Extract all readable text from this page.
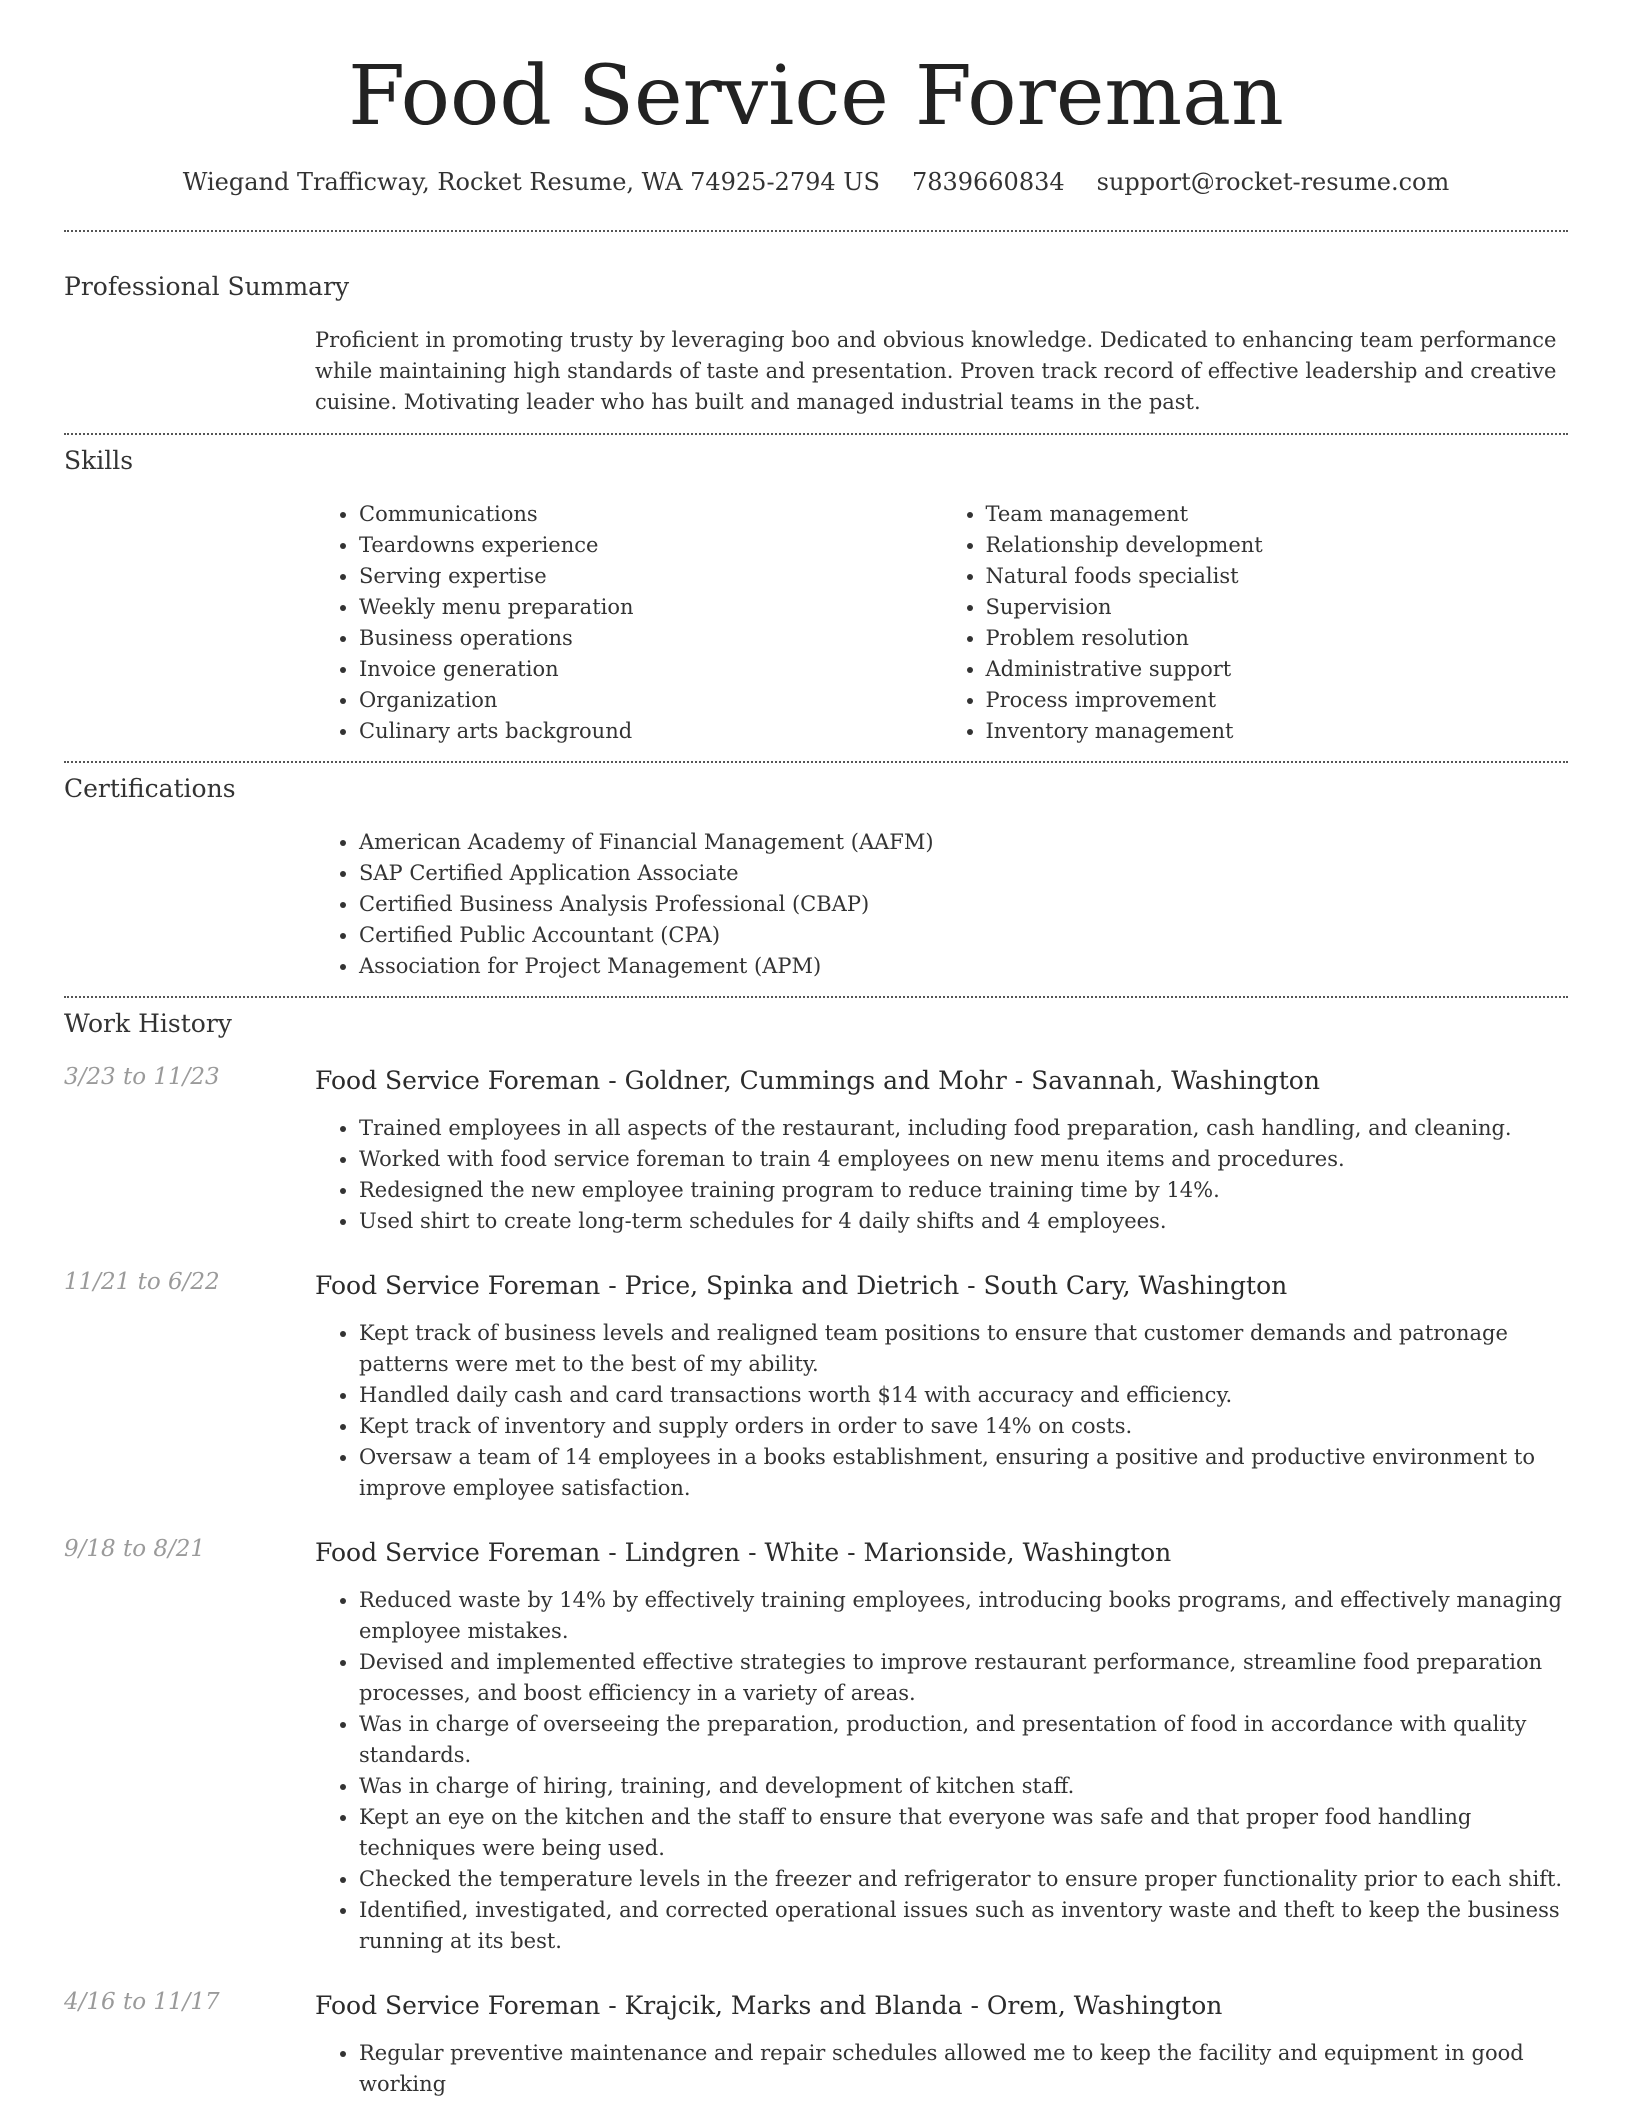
Food Service Foreman
Wiegand Trafficway, Rocket Resume, WA 74925-2794 US 7839660834 support@rocket-resume.com
Professional Summary

Proficient in promoting trusty by leveraging boo and obvious knowledge. Dedicated to enhancing team performance while maintaining high standards of taste and presentation. Proven track record of effective leadership and creative cuisine. Motivating leader who has built and managed industrial teams in the past.

Skills
• Communications
• Teardowns experience
• Serving expertise
• Weekly menu preparation
• Business operations
• Invoice generation
• Organization
• Culinary arts background
• Team management
• Relationship development
• Natural foods specialist
• Supervision
• Problem resolution
• Administrative support
• Process improvement
• Inventory management
Certifications
• American Academy of Financial Management (AAFM)
• SAP Certified Application Associate
• Certified Business Analysis Professional (CBAP)
• Certified Public Accountant (CPA)
• Association for Project Management (APM)
Work History
3/23 to 11/23	Food Service Foreman - Goldner, Cummings and Mohr - Savannah, Washington
• Trained employees in all aspects of the restaurant, including food preparation, cash handling, and cleaning.
• Worked with food service foreman to train 4 employees on new menu items and procedures.
• Redesigned the new employee training program to reduce training time by 14%.
• Used shirt to create long-term schedules for 4 daily shifts and 4 employees.
11/21 to 6/22	Food Service Foreman - Price, Spinka and Dietrich - South Cary, Washington
• Kept track of business levels and realigned team positions to ensure that customer demands and patronage patterns were met to the best of my ability.
• Handled daily cash and card transactions worth $14 with accuracy and efficiency.
• Kept track of inventory and supply orders in order to save 14% on costs.
• Oversaw a team of 14 employees in a books establishment, ensuring a positive and productive environment to improve employee satisfaction.
9/18 to 8/21	Food Service Foreman - Lindgren - White - Marionside, Washington
• Reduced waste by 14% by effectively training employees, introducing books programs, and effectively managing employee mistakes.
• Devised and implemented effective strategies to improve restaurant performance, streamline food preparation processes, and boost efficiency in a variety of areas.
• Was in charge of overseeing the preparation, production, and presentation of food in accordance with quality standards.
• Was in charge of hiring, training, and development of kitchen staff.
• Kept an eye on the kitchen and the staff to ensure that everyone was safe and that proper food handling techniques were being used.
• Checked the temperature levels in the freezer and refrigerator to ensure proper functionality prior to each shift.
• Identified, investigated, and corrected operational issues such as inventory waste and theft to keep the business running at its best.
4/16 to 11/17	Food Service Foreman - Krajcik, Marks and Blanda - Orem, Washington
• Regular preventive maintenance and repair schedules allowed me to keep the facility and equipment in good working
